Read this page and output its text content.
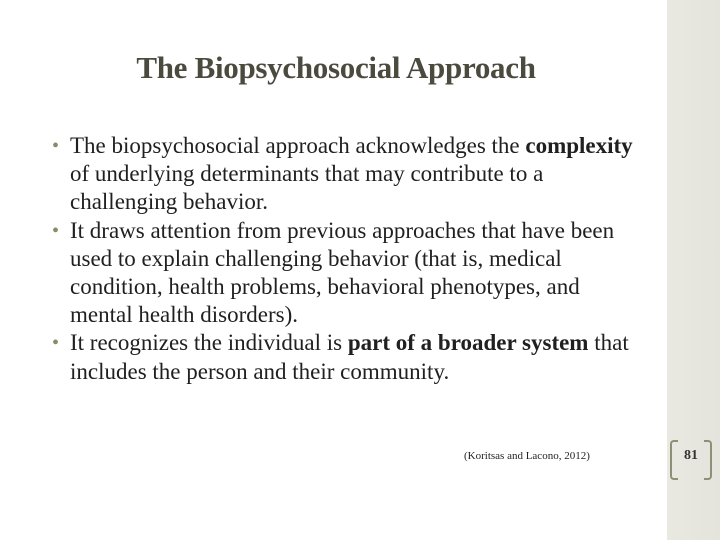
The Biopsychosocial Approach
• The biopsychosocial approach acknowledges the complexity of underlying determinants that may contribute to a challenging behavior.
• It draws attention from previous approaches that have been used to explain challenging behavior (that is, medical condition, health problems, behavioral phenotypes, and mental health disorders).
• It recognizes the individual is part of a broader system that includes the person and their community.
(Koritsas and Lacono, 2012)	81
